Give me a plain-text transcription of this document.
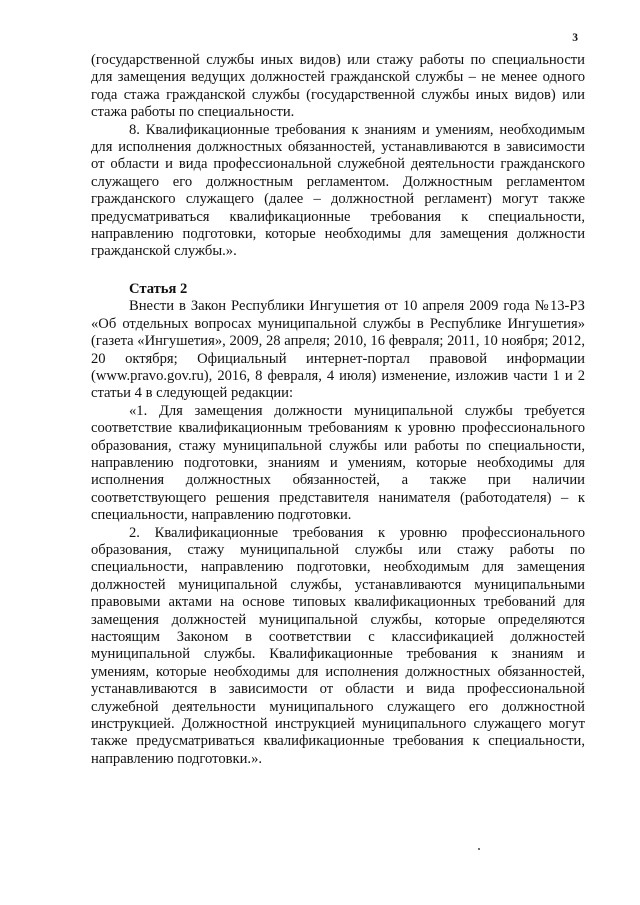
3

(государственной службы иных видов) или стажу работы по специальности для замещения ведущих должностей гражданской службы – не менее одного года стажа гражданской службы (государственной службы иных видов) или стажа работы по специальности.

8. Квалификационные требования к знаниям и умениям, необходимым для исполнения должностных обязанностей, устанавливаются в зависимости от области и вида профессиональной служебной деятельности гражданского служащего его должностным регламентом. Должностным регламентом гражданского служащего (далее – должностной регламент) могут также предусматриваться квалификационные требования к специальности, направлению подготовки, которые необходимы для замещения должности гражданской службы.».

Статья 2

Внести в Закон Республики Ингушетия от 10 апреля 2009 года №13-РЗ «Об отдельных вопросах муниципальной службы в Республике Ингушетия» (газета «Ингушетия», 2009, 28 апреля; 2010, 16 февраля; 2011, 10 ноября; 2012, 20 октября; Официальный интернет-портал правовой информации (www.pravo.gov.ru), 2016, 8 февраля, 4 июля) изменение, изложив части 1 и 2 статьи 4 в следующей редакции:

«1. Для замещения должности муниципальной службы требуется соответствие квалификационным требованиям к уровню профессионального образования, стажу муниципальной службы или работы по специальности, направлению подготовки, знаниям и умениям, которые необходимы для исполнения должностных обязанностей, а также при наличии соответствующего решения представителя нанимателя (работодателя) – к специальности, направлению подготовки.

2. Квалификационные требования к уровню профессионального образования, стажу муниципальной службы или стажу работы по специальности, направлению подготовки, необходимым для замещения должностей муниципальной службы, устанавливаются муниципальными правовыми актами на основе типовых квалификационных требований для замещения должностей муниципальной службы, которые определяются настоящим Законом в соответствии с классификацией должностей муниципальной службы. Квалификационные требования к знаниям и умениям, которые необходимы для исполнения должностных обязанностей, устанавливаются в зависимости от области и вида профессиональной служебной деятельности муниципального служащего его должностной инструкцией. Должностной инструкцией муниципального служащего могут также предусматриваться квалификационные требования к специальности, направлению подготовки.».
